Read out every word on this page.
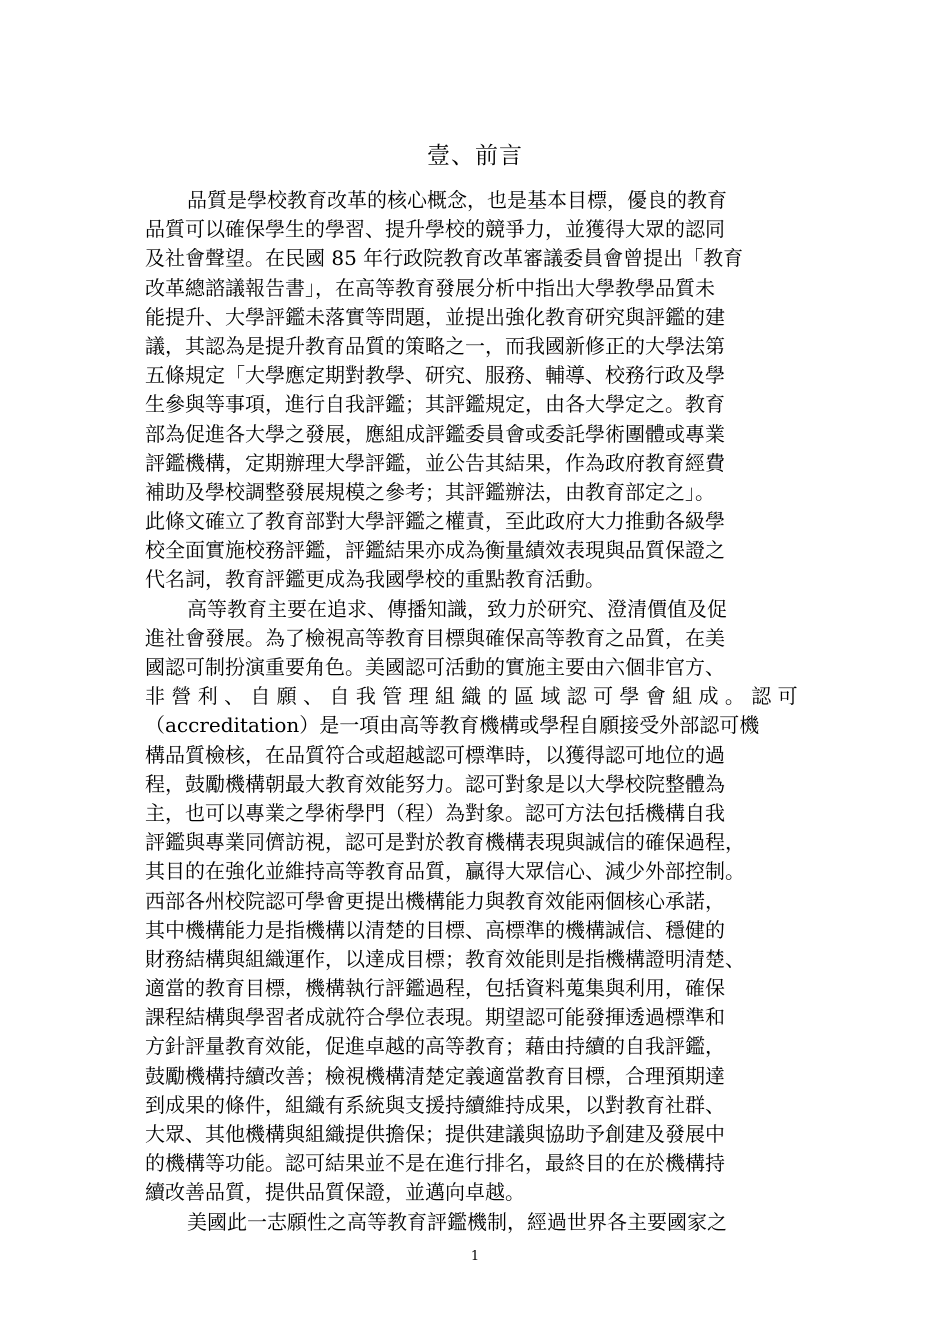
壹、前言
品質是學校教育改革的核心概念，也是基本目標，優良的教育
品質可以確保學生的學習、提升學校的競爭力，並獲得大眾的認同
及社會聲望。在民國 85 年行政院教育改革審議委員會曾提出「教育
改革總諮議報告書」，在高等教育發展分析中指出大學教學品質未
能提升、大學評鑑未落實等問題，並提出強化教育研究與評鑑的建
議，其認為是提升教育品質的策略之一，而我國新修正的大學法第
五條規定「大學應定期對教學、研究、服務、輔導、校務行政及學
生參與等事項，進行自我評鑑；其評鑑規定，由各大學定之。教育
部為促進各大學之發展，應組成評鑑委員會或委託學術團體或專業
評鑑機構，定期辦理大學評鑑，並公告其結果，作為政府教育經費
補助及學校調整發展規模之參考；其評鑑辦法，由教育部定之」。
此條文確立了教育部對大學評鑑之權責，至此政府大力推動各級學
校全面實施校務評鑑，評鑑結果亦成為衡量績效表現與品質保證之
代名詞，教育評鑑更成為我國學校的重點教育活動。
高等教育主要在追求、傳播知識，致力於研究、澄清價值及促
進社會發展。為了檢視高等教育目標與確保高等教育之品質，在美
國認可制扮演重要角色。美國認可活動的實施主要由六個非官方、
非 營 利 、 自 願 、 自 我 管 理 組 織 的 區 域 認 可 學 會 組 成 。 認 可
（accreditation）是一項由高等教育機構或學程自願接受外部認可機
構品質檢核，在品質符合或超越認可標準時，以獲得認可地位的過
程，鼓勵機構朝最大教育效能努力。認可對象是以大學校院整體為
主，也可以專業之學術學門（程）為對象。認可方法包括機構自我
評鑑與專業同儕訪視，認可是對於教育機構表現與誠信的確保過程，
其目的在強化並維持高等教育品質，贏得大眾信心、減少外部控制。
西部各州校院認可學會更提出機構能力與教育效能兩個核心承諾，
其中機構能力是指機構以清楚的目標、高標準的機構誠信、穩健的
財務結構與組織運作，以達成目標；教育效能則是指機構證明清楚、
適當的教育目標，機構執行評鑑過程，包括資料蒐集與利用，確保
課程結構與學習者成就符合學位表現。期望認可能發揮透過標準和
方針評量教育效能，促進卓越的高等教育；藉由持續的自我評鑑，
鼓勵機構持續改善；檢視機構清楚定義適當教育目標，合理預期達
到成果的條件，組織有系統與支援持續維持成果，以對教育社群、
大眾、其他機構與組織提供擔保；提供建議與協助予創建及發展中
的機構等功能。認可結果並不是在進行排名，最終目的在於機構持
續改善品質，提供品質保證，並邁向卓越。
美國此一志願性之高等教育評鑑機制，經過世界各主要國家之
1
